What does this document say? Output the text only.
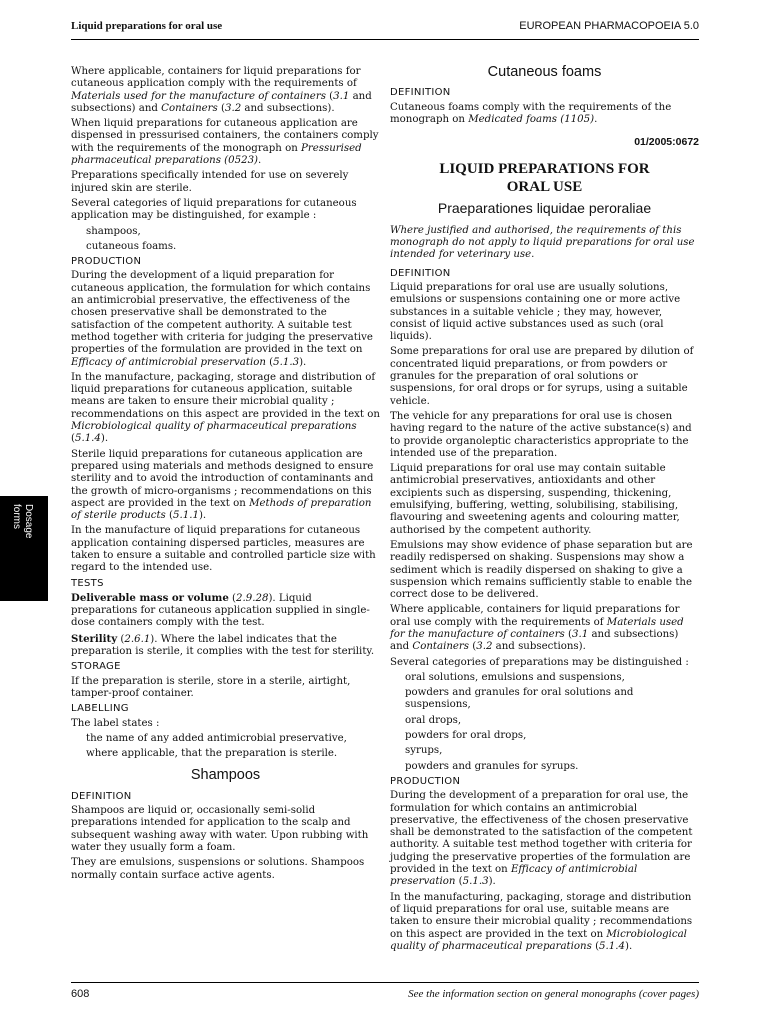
Liquid preparations for oral use	EUROPEAN PHARMACOPOEIA 5.0
Dosage
forms

Where applicable, containers for liquid preparations for cutaneous application comply with the requirements of Materials used for the manufacture of containers (3.1 and subsections) and Containers (3.2 and subsections).

When liquid preparations for cutaneous application are dispensed in pressurised containers, the containers comply with the requirements of the monograph on Pressurised pharmaceutical preparations (0523).

Preparations specifically intended for use on severely injured skin are sterile.

Several categories of liquid preparations for cutaneous application may be distinguished, for example :

shampoos,
cutaneous foams.
PRODUCTION

During the development of a liquid preparation for cutaneous application, the formulation for which contains an antimicrobial preservative, the effectiveness of the chosen preservative shall be demonstrated to the satisfaction of the competent authority. A suitable test method together with criteria for judging the preservative properties of the formulation are provided in the text on Efficacy of antimicrobial preservation (5.1.3).

In the manufacture, packaging, storage and distribution of liquid preparations for cutaneous application, suitable means are taken to ensure their microbial quality ; recommendations on this aspect are provided in the text on Microbiological quality of pharmaceutical preparations (5.1.4).

Sterile liquid preparations for cutaneous application are prepared using materials and methods designed to ensure sterility and to avoid the introduction of contaminants and the growth of micro-organisms ; recommendations on this aspect are provided in the text on Methods of preparation of sterile products (5.1.1).

In the manufacture of liquid preparations for cutaneous application containing dispersed particles, measures are taken to ensure a suitable and controlled particle size with regard to the intended use.

TESTS

Deliverable mass or volume (2.9.28). Liquid preparations for cutaneous application supplied in single-dose containers comply with the test.

Sterility (2.6.1). Where the label indicates that the preparation is sterile, it complies with the test for sterility.

STORAGE

If the preparation is sterile, store in a sterile, airtight, tamper-proof container.

LABELLING

The label states :

the name of any added antimicrobial preservative,
where applicable, that the preparation is sterile.
Shampoos
DEFINITION

Shampoos are liquid or, occasionally semi-solid preparations intended for application to the scalp and subsequent washing away with water. Upon rubbing with water they usually form a foam.

They are emulsions, suspensions or solutions. Shampoos normally contain surface active agents.

Cutaneous foams
DEFINITION

Cutaneous foams comply with the requirements of the monograph on Medicated foams (1105).

01/2005:0672
LIQUID PREPARATIONS FOR
ORAL USE
Praeparationes liquidae peroraliae

Where justified and authorised, the requirements of this monograph do not apply to liquid preparations for oral use intended for veterinary use.

DEFINITION

Liquid preparations for oral use are usually solutions, emulsions or suspensions containing one or more active substances in a suitable vehicle ; they may, however, consist of liquid active substances used as such (oral liquids).

Some preparations for oral use are prepared by dilution of concentrated liquid preparations, or from powders or granules for the preparation of oral solutions or suspensions, for oral drops or for syrups, using a suitable vehicle.

The vehicle for any preparations for oral use is chosen having regard to the nature of the active substance(s) and to provide organoleptic characteristics appropriate to the intended use of the preparation.

Liquid preparations for oral use may contain suitable antimicrobial preservatives, antioxidants and other excipients such as dispersing, suspending, thickening, emulsifying, buffering, wetting, solubilising, stabilising, flavouring and sweetening agents and colouring matter, authorised by the competent authority.

Emulsions may show evidence of phase separation but are readily redispersed on shaking. Suspensions may show a sediment which is readily dispersed on shaking to give a suspension which remains sufficiently stable to enable the correct dose to be delivered.

Where applicable, containers for liquid preparations for oral use comply with the requirements of Materials used for the manufacture of containers (3.1 and subsections) and Containers (3.2 and subsections).

Several categories of preparations may be distinguished :

oral solutions, emulsions and suspensions,
powders and granules for oral solutions and suspensions,
oral drops,
powders for oral drops,
syrups,
powders and granules for syrups.
PRODUCTION

During the development of a preparation for oral use, the formulation for which contains an antimicrobial preservative, the effectiveness of the chosen preservative shall be demonstrated to the satisfaction of the competent authority. A suitable test method together with criteria for judging the preservative properties of the formulation are provided in the text on Efficacy of antimicrobial preservation (5.1.3).

In the manufacturing, packaging, storage and distribution of liquid preparations for oral use, suitable means are taken to ensure their microbial quality ; recommendations on this aspect are provided in the text on Microbiological quality of pharmaceutical preparations (5.1.4).

608	See the information section on general monographs (cover pages)
